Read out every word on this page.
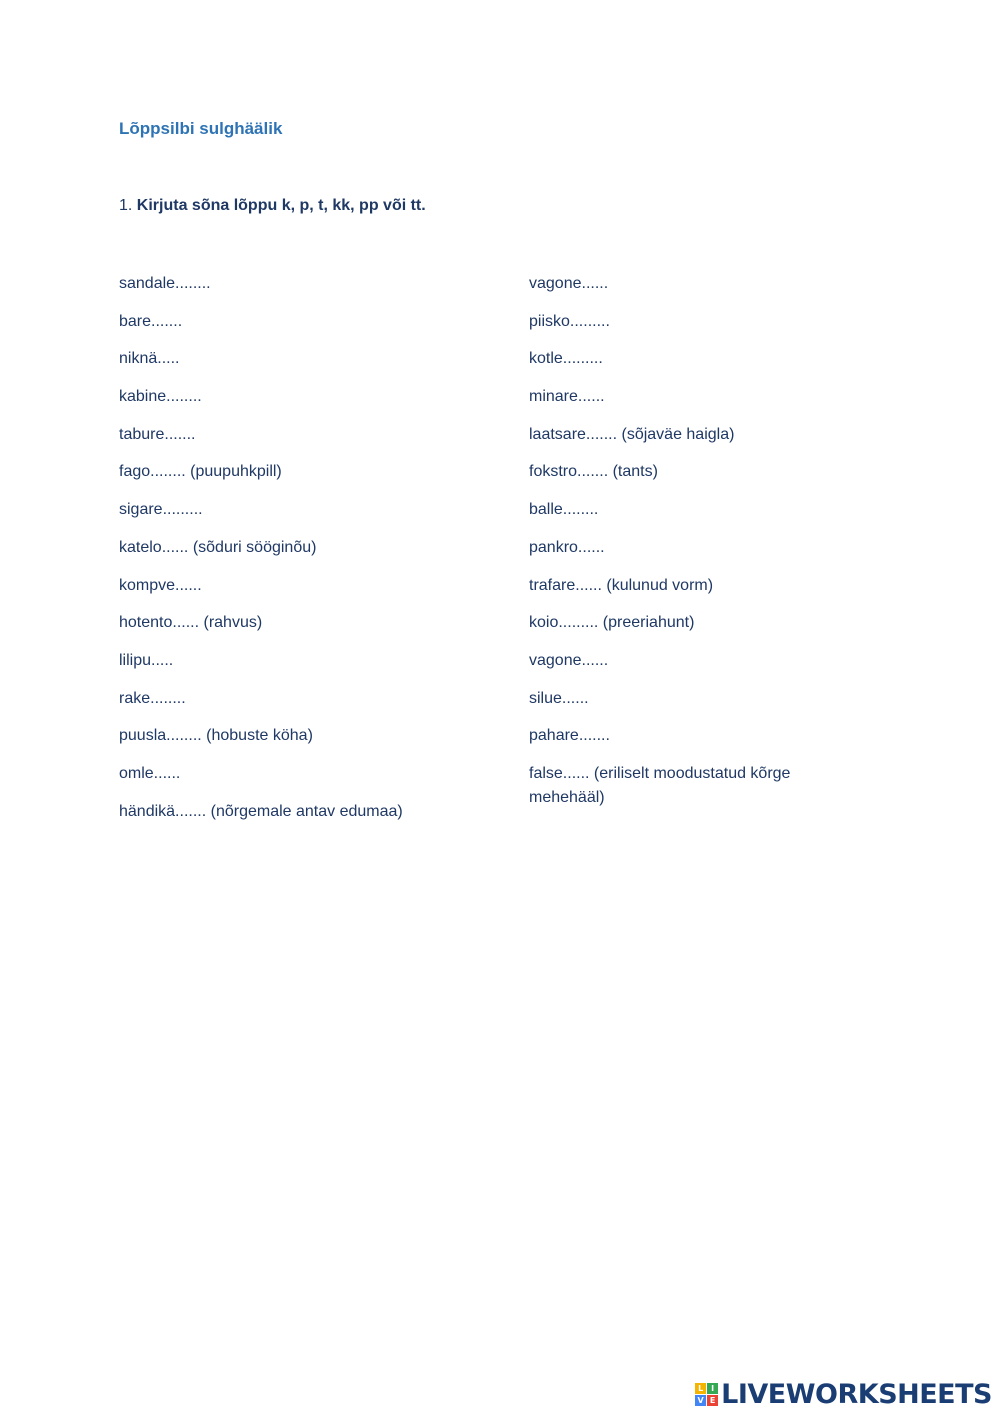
Lõppsilbi sulghäälik
1. Kirjuta sõna lõppu k, p, t, kk, pp või tt.
sandale........
bare.......
niknä.....
kabine........
tabure.......
fago........ (puupuhkpill)
sigare.........
katelo...... (sõduri sööginõu)
kompve......
hotento...... (rahvus)
lilipu.....
rake........
puusla........ (hobuste köha)
omle......
händikä....... (nõrgemale antav edumaa)
vagone......
piisko.........
kotle.........
minare......
laatsare....... (sõjaväe haigla)
fokstro....... (tants)
balle........
pankro......
trafare...... (kulunud vorm)
koio......... (preeriahunt)
vagone......
silue......
pahare.......
false...... (eriliselt moodustatud kõrge mehehääl)
L I
V E LIVEWORKSHEETS
